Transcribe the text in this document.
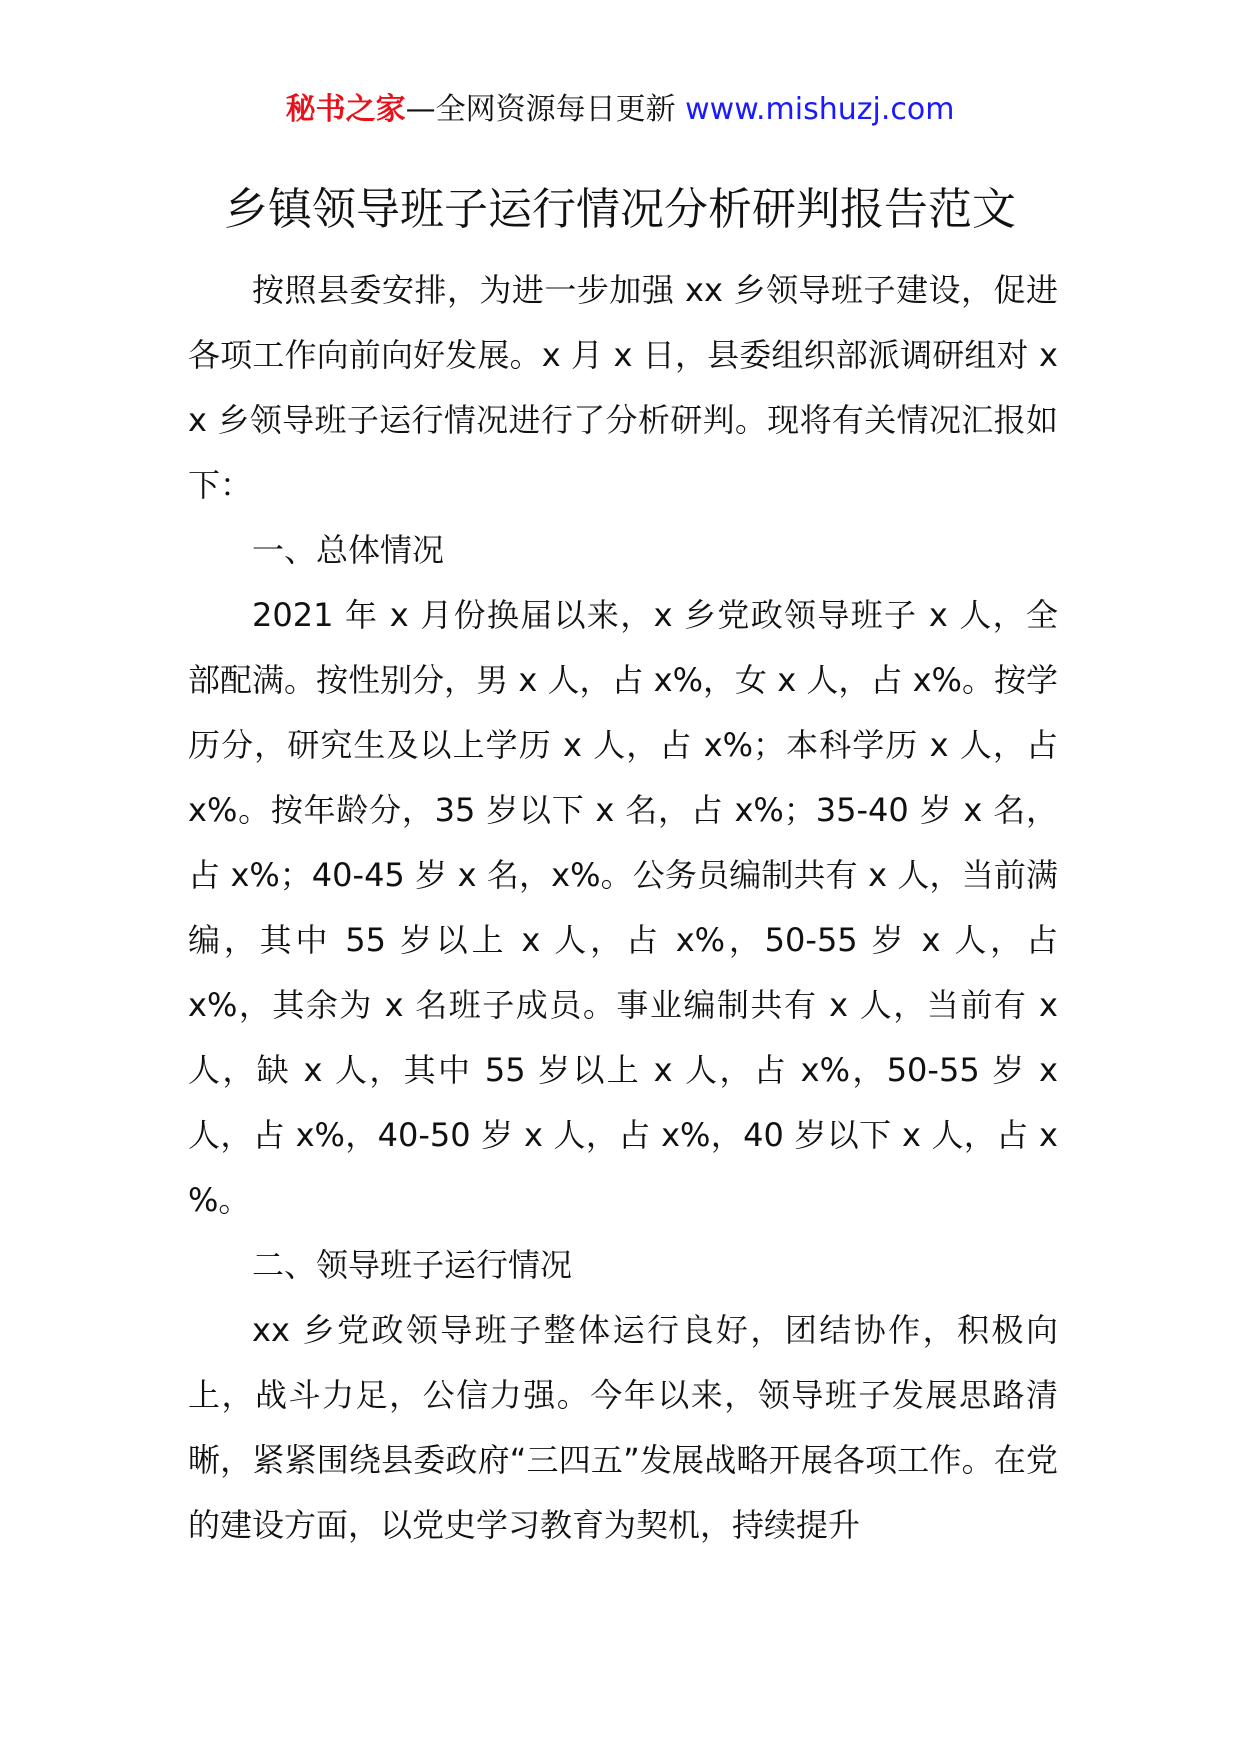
秘书之家—全网资源每日更新 www.mishuzj.com
乡镇领导班子运行情况分析研判报告范文

按照县委安排，为进一步加强 xx 乡领导班子建设，促进各项工作向前向好发展。x 月 x 日，县委组织部派调研组对 xx 乡领导班子运行情况进行了分析研判。现将有关情况汇报如下：

一、总体情况

2021 年 x 月份换届以来，x 乡党政领导班子 x 人，全部配满。按性别分，男 x 人，占 x%，女 x 人，占 x%。按学历分，研究生及以上学历 x 人，占 x%；本科学历 x 人，占 x%。按年龄分，35 岁以下 x 名，占 x%；35-40 岁 x 名，占 x%；40-45 岁 x 名，x%。公务员编制共有 x 人，当前满编，其中 55 岁以上 x 人，占 x%，50-55 岁 x 人，占 x%，其余为 x 名班子成员。事业编制共有 x 人，当前有 x 人，缺 x 人，其中 55 岁以上 x 人，占 x%，50-55 岁 x 人，占 x%，40-50 岁 x 人，占 x%，40 岁以下 x 人，占 x %。

二、领导班子运行情况

xx 乡党政领导班子整体运行良好，团结协作，积极向上，战斗力足，公信力强。今年以来，领导班子发展思路清晰，紧紧围绕县委政府“三四五”发展战略开展各项工作。在党的建设方面，以党史学习教育为契机，持续提升
